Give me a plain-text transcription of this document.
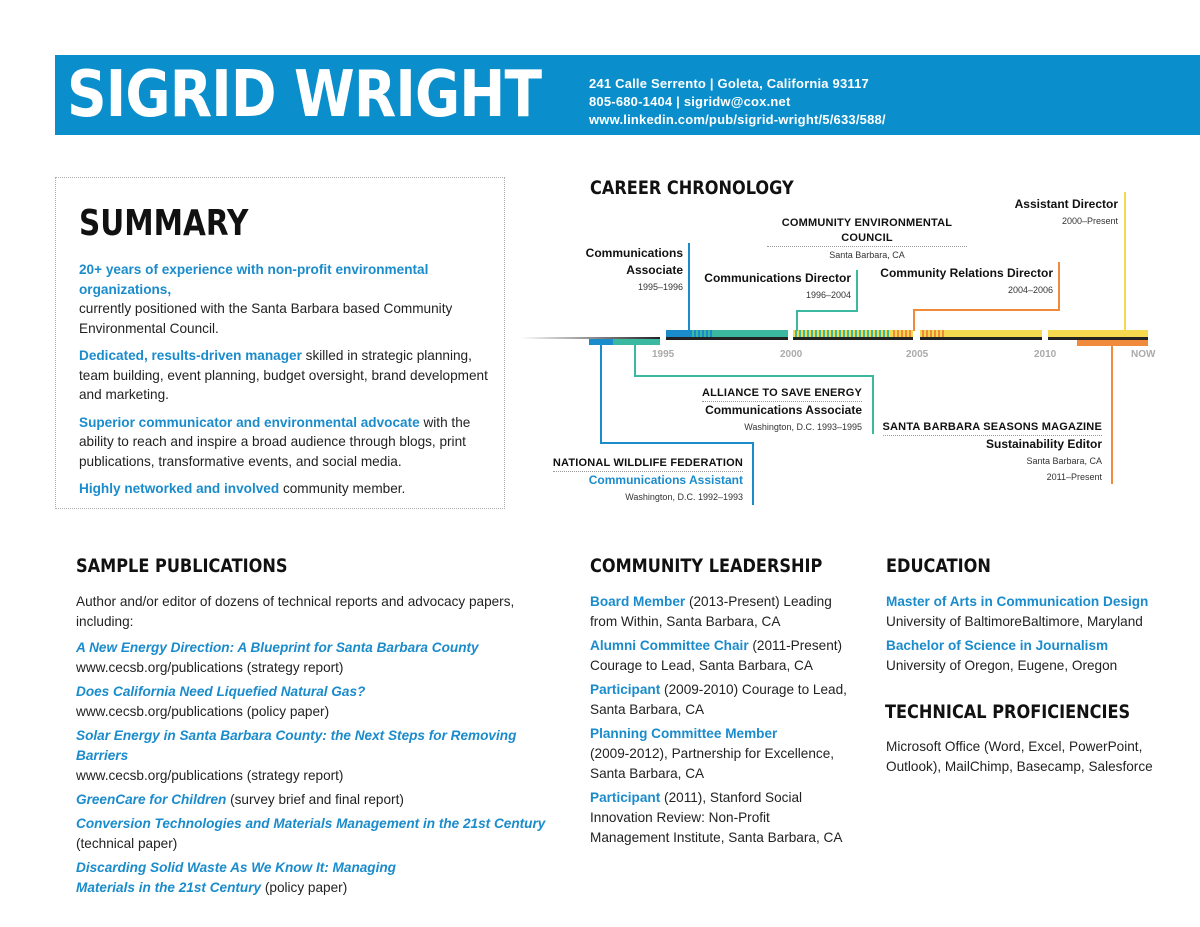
SIGRID WRIGHT	241 Calle Serrento | Goleta, California 93117
805-680-1404 | sigridw@cox.net
www.linkedin.com/pub/sigrid-wright/5/633/588/
SUMMARY

20+ years of experience with non-profit environmental organizations,
currently positioned with the Santa Barbara based Community Environmental Council.

Dedicated, results-driven manager skilled in strategic planning, team building, event planning, budget oversight, brand development and marketing.

Superior communicator and environmental advocate with the ability to reach and inspire a broad audience through blogs, print publications, transformative events, and social media.

Highly networked and involved community member.

CAREER CHRONOLOGY
1995	2000	2005	2010	NOW
Communications
Associate
1995–1996
COMMUNITY ENVIRONMENTAL COUNCIL
Santa Barbara, CA
Communications Director
1996–2004
Community Relations Director
2004–2006
Assistant Director
2000–Present
ALLIANCE TO SAVE ENERGY
Communications Associate
Washington, D.C. 1993–1995
NATIONAL WILDLIFE FEDERATION
Communications Assistant
Washington, D.C. 1992–1993
SANTA BARBARA SEASONS MAGAZINE
Sustainability Editor
Santa Barbara, CA
2011–Present
SAMPLE PUBLICATIONS
Author and/or editor of dozens of technical reports and advocacy papers, including:
A New Energy Direction: A Blueprint for Santa Barbara County
www.cecsb.org/publications (strategy report)
Does California Need Liquefied Natural Gas?
www.cecsb.org/publications (policy paper)
Solar Energy in Santa Barbara County: the Next Steps for Removing Barriers
www.cecsb.org/publications (strategy report)
GreenCare for Children (survey brief and final report)
Conversion Technologies and Materials Management in the 21st Century
(technical paper)
Discarding Solid Waste As We Know It: Managing Materials in the 21st Century (policy paper)
COMMUNITY LEADERSHIP
Board Member (2013-Present) Leading from Within, Santa Barbara, CA
Alumni Committee Chair (2011-Present) Courage to Lead, Santa Barbara, CA
Participant (2009-2010) Courage to Lead, Santa Barbara, CA
Planning Committee Member
(2009-2012), Partnership for Excellence, Santa Barbara, CA
Participant (2011), Stanford Social Innovation Review: Non-Profit Management Institute, Santa Barbara, CA
EDUCATION
Master of Arts in Communication Design
University of BaltimoreBaltimore, Maryland
Bachelor of Science in Journalism
University of Oregon, Eugene, Oregon
TECHNICAL PROFICIENCIES
Microsoft Office (Word, Excel, PowerPoint, Outlook), MailChimp, Basecamp, Salesforce
